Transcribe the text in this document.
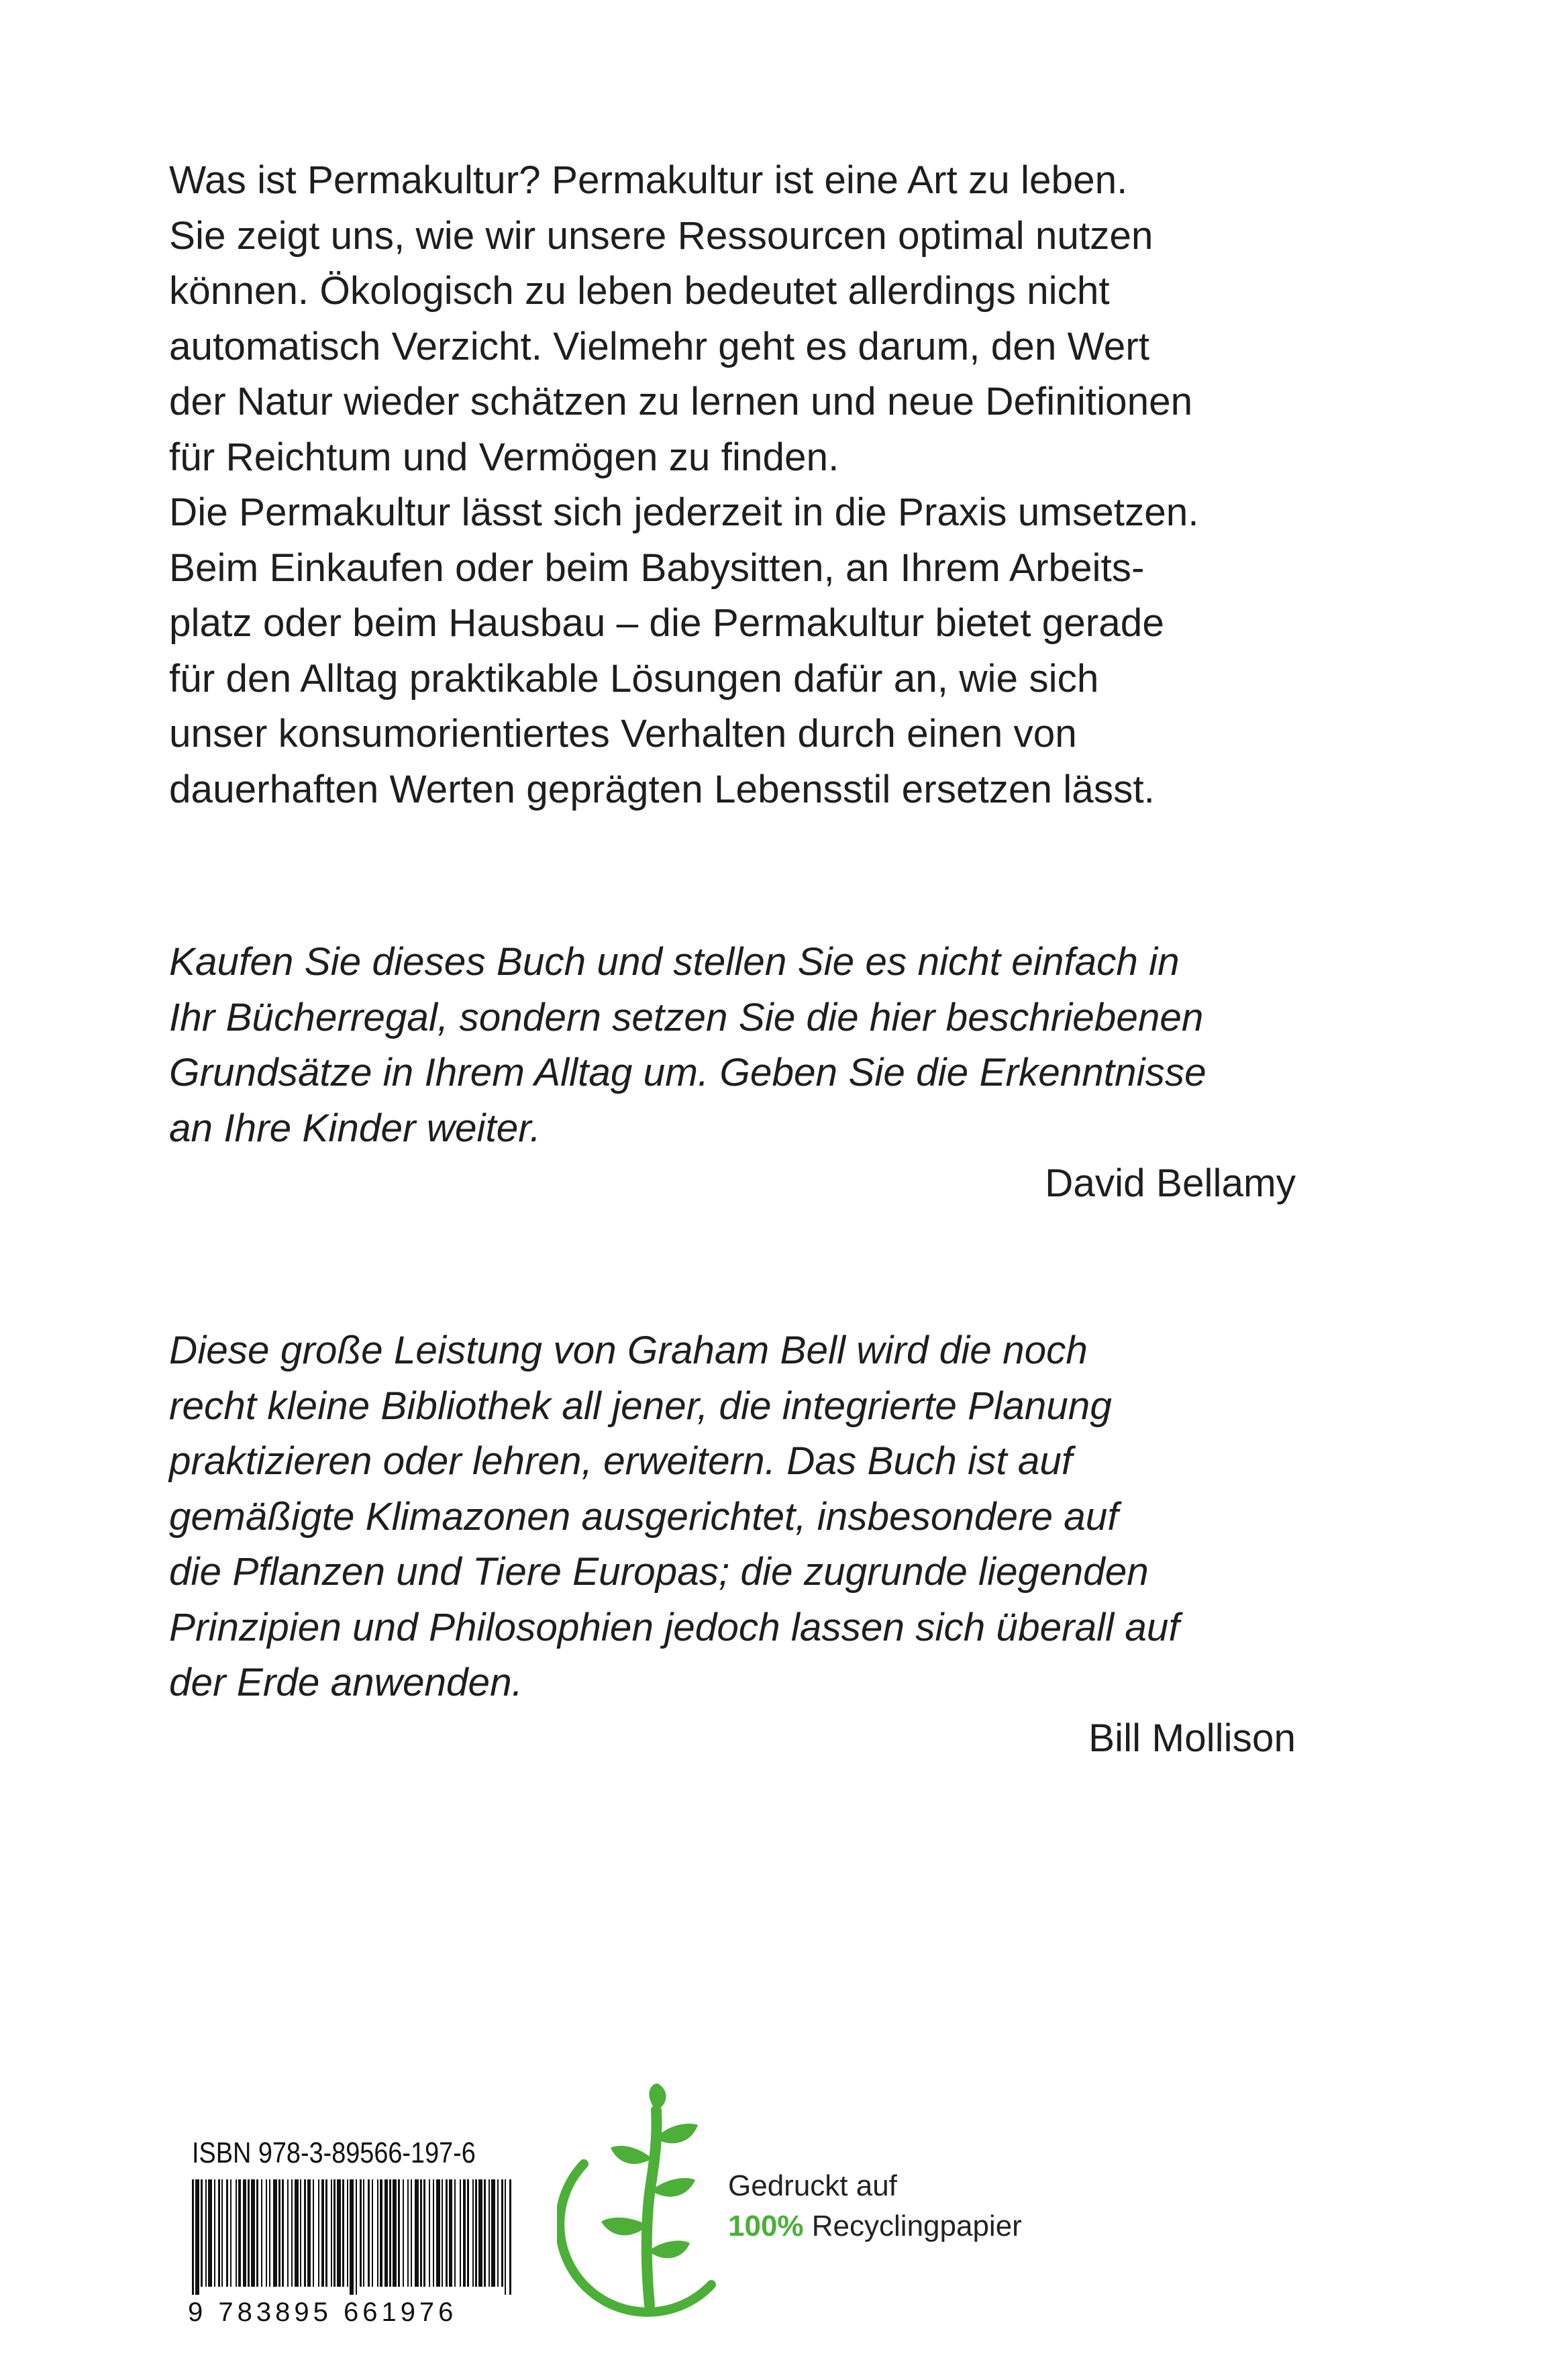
Was ist Permakultur? Permakultur ist eine Art zu leben.

Sie zeigt uns, wie wir unsere Ressourcen optimal nutzen

können. Ökologisch zu leben bedeutet allerdings nicht

automatisch Verzicht. Vielmehr geht es darum, den Wert

der Natur wieder schätzen zu lernen und neue Definitionen

für Reichtum und Vermögen zu finden.

Die Permakultur lässt sich jederzeit in die Praxis umsetzen.

Beim Einkaufen oder beim Babysitten, an Ihrem Arbeits-

platz oder beim Hausbau – die Permakultur bietet gerade

für den Alltag praktikable Lösungen dafür an, wie sich

unser konsumorientiertes Verhalten durch einen von

dauerhaften Werten geprägten Lebensstil ersetzen lässt.

Kaufen Sie dieses Buch und stellen Sie es nicht einfach in

Ihr Bücherregal, sondern setzen Sie die hier beschriebenen

Grundsätze in Ihrem Alltag um. Geben Sie die Erkenntnisse

an Ihre Kinder weiter.

David Bellamy

Diese große Leistung von Graham Bell wird die noch

recht kleine Bibliothek all jener, die integrierte Planung

praktizieren oder lehren, erweitern. Das Buch ist auf

gemäßigte Klimazonen ausgerichtet, insbesondere auf

die Pflanzen und Tiere Europas; die zugrunde liegenden

Prinzipien und Philosophien jedoch lassen sich überall auf

der Erde anwenden.

Bill Mollison
ISBN 978-3-89566-197-6
9 783895 661976
Gedruckt auf
100% Recyclingpapier
